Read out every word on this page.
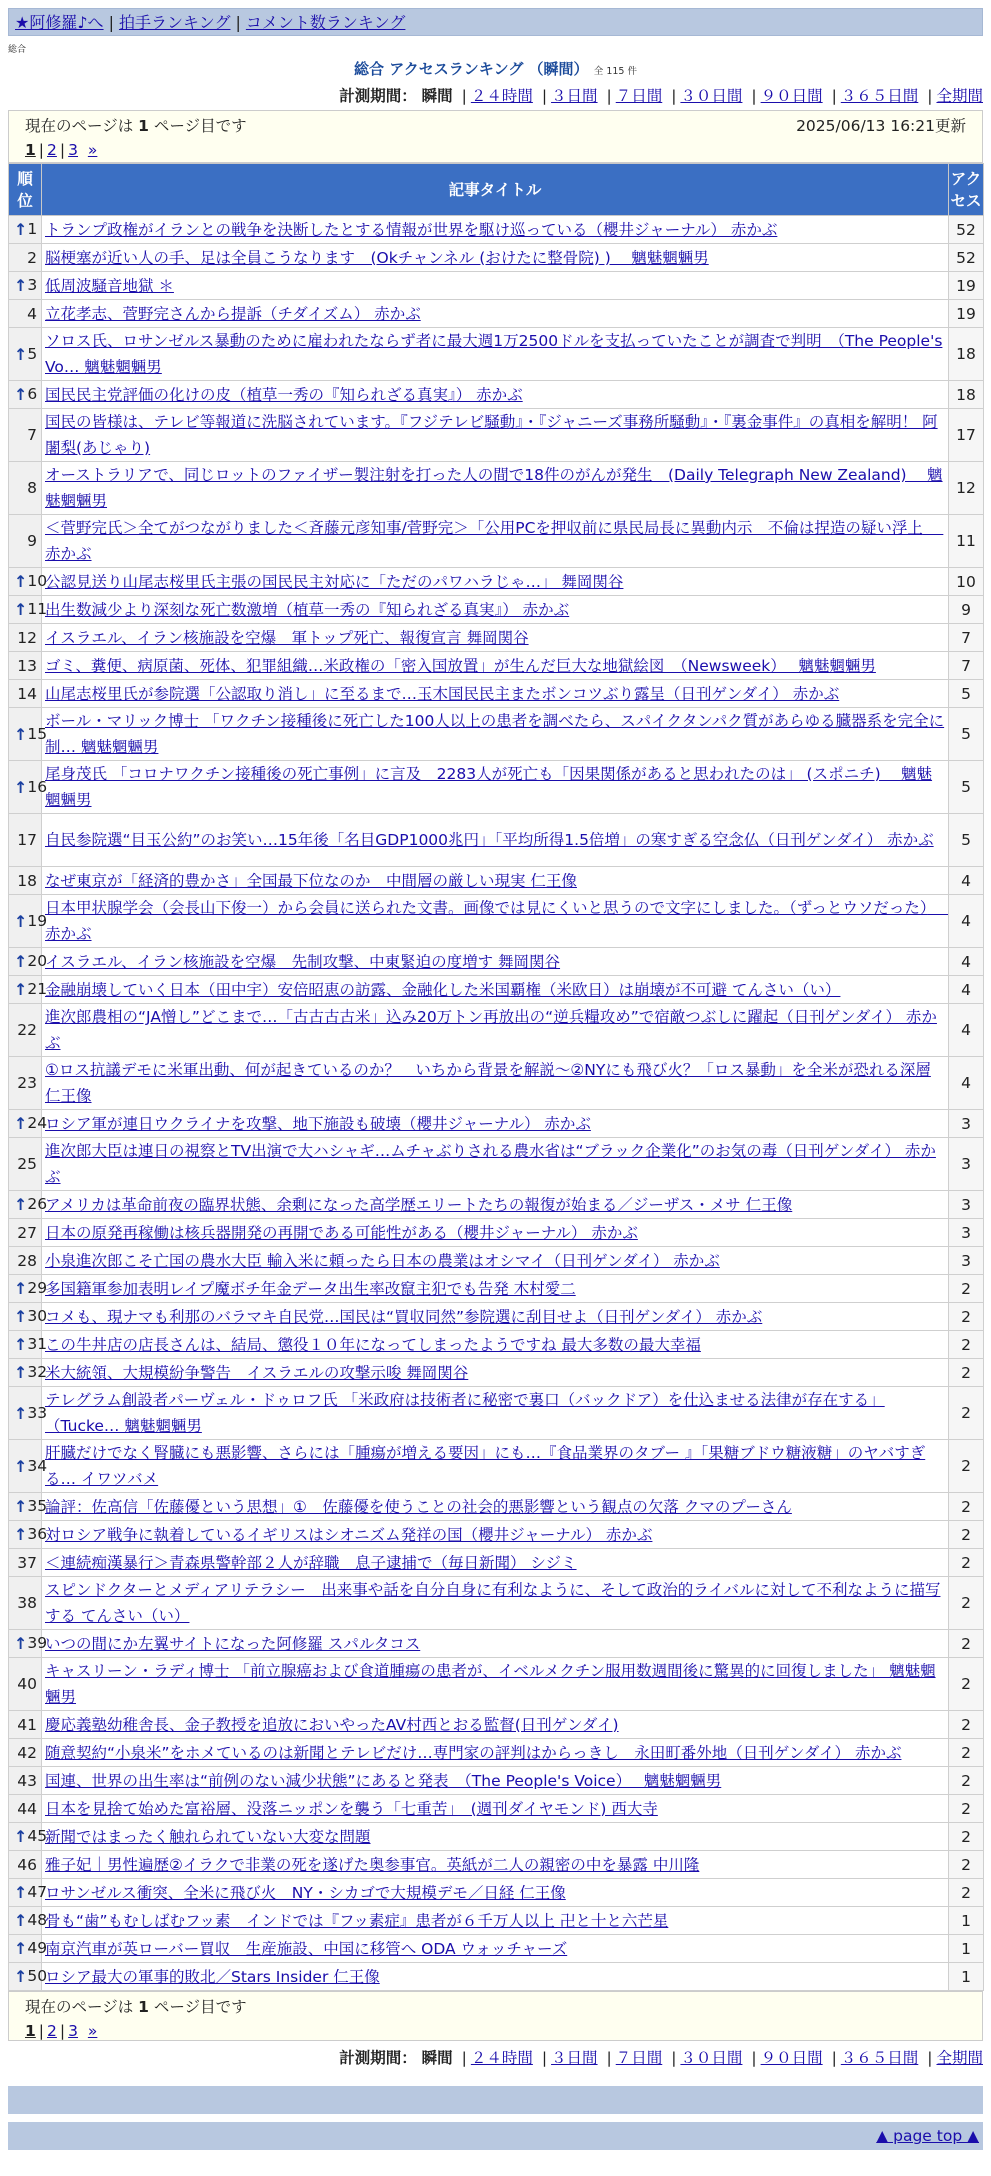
★阿修羅♪へ | 拍手ランキング | コメント数ランキング
総合
総合 アクセスランキング （瞬間） 全 115 件
計測期間： 瞬間 | ２４時間 | ３日間 | ７日間 | ３０日間 | ９０日間 | ３６５日間 | 全期間
現在のページは 1 ページ目です	2025/06/13 16:21更新
1 | 2 | 3 »
順位	記事タイトル	アクセス

↑ 1	トランプ政権がイランとの戦争を決断したとする情報が世界を駆け巡っている（櫻井ジャーナル） 赤かぶ	52
2	脳梗塞が近い人の手、足は全員こうなります　(Okチャンネル (おけたに整骨院) )　 魑魅魍魎男	52

↑ 3	低周波騒音地獄 ＊	19
4	立花孝志、菅野完さんから提訴（チダイズム） 赤かぶ	19

↑ 5	ソロス氏、ロサンゼルス暴動のために雇われたならず者に最大週1万2500ドルを支払っていたことが調査で判明　（The People's Vo… 魑魅魍魎男	18

↑ 6	国民民主党評価の化けの皮（植草一秀の『知られざる真実』） 赤かぶ	18
7	国民の皆様は、テレビ等報道に洗脳されています。『フジテレビ騒動』・『ジャニーズ事務所騒動』・『裏金事件』の真相を解明！ 阿闍梨(あじゃり)	17
8	オーストラリアで、同じロットのファイザー製注射を打った人の間で18件のがんが発生　(Daily Telegraph New Zealand)　 魑魅魍魎男	12
9	＜菅野完氏＞全てがつながりました＜斉藤元彦知事/菅野完＞「公用PCを押収前に県民局長に異動内示　不倫は捏造の疑い浮上　 赤かぶ	11

↑ 10	公認見送り山尾志桜里氏主張の国民民主対応に「ただのパワハラじゃ…」 舞岡関谷	10

↑ 11	出生数減少より深刻な死亡数激増（植草一秀の『知られざる真実』） 赤かぶ	9
12	イスラエル、イラン核施設を空爆　軍トップ死亡、報復宣言 舞岡関谷	7
13	ゴミ、糞便、病原菌、死体、犯罪組織…米政権の「密入国放置」が生んだ巨大な地獄絵図　（Newsweek）　 魑魅魍魎男	7
14	山尾志桜里氏が参院選「公認取り消し」に至るまで…玉木国民民主またボンコツぶり露呈（日刊ゲンダイ） 赤かぶ	5

↑ 15	ボール・マリック博士 「ワクチン接種後に死亡した100人以上の患者を調べたら、スパイクタンパク質があらゆる臓器系を完全に制… 魑魅魍魎男	5

↑ 16	尾身茂氏 「コロナワクチン接種後の死亡事例」に言及　2283人が死亡も「因果関係があると思われたのは」 (スポニチ)　 魑魅魍魎男	5
17	自民参院選“目玉公約”のお笑い…15年後「名目GDP1000兆円」「平均所得1.5倍増」の寒すぎる空念仏（日刊ゲンダイ） 赤かぶ	5
18	なぜ東京が「経済的豊かさ」全国最下位なのか　中間層の厳しい現実 仁王像	4

↑ 19	日本甲状腺学会（会長山下俊一）から会員に送られた文書。画像では見にくいと思うので文字にしました。（ずっとウソだった）　 赤かぶ	4

↑ 20	イスラエル、イラン核施設を空爆　先制攻撃、中東緊迫の度増す 舞岡関谷	4

↑ 21	金融崩壊していく日本（田中宇）安倍昭恵の訪露、金融化した米国覇権（米欧日）は崩壊が不可避 てんさい（い）	4
22	進次郎農相の“JA憎し”どこまで…「古古古古米」込み20万トン再放出の“逆兵糧攻め”で宿敵つぶしに躍起（日刊ゲンダイ） 赤かぶ	4
23	①ロス抗議デモに米軍出動、何が起きているのか？　いちから背景を解説～②NYにも飛び火？「ロス暴動」を全米が恐れる深層 仁王像	4

↑ 24	ロシア軍が連日ウクライナを攻撃、地下施設も破壊（櫻井ジャーナル） 赤かぶ	3
25	進次郎大臣は連日の視察とTV出演で大ハシャギ…ムチャぶりされる農水省は“ブラック企業化”のお気の毒（日刊ゲンダイ） 赤かぶ	3

↑ 26	アメリカは革命前夜の臨界状態、余剰になった高学歴エリートたちの報復が始まる／ジーザス・メサ 仁王像	3
27	日本の原発再稼働は核兵器開発の再開である可能性がある（櫻井ジャーナル） 赤かぶ	3
28	小泉進次郎こそ亡国の農水大臣 輸入米に頼ったら日本の農業はオシマイ（日刊ゲンダイ） 赤かぶ	3

↑ 29	多国籍軍参加表明レイプ魔ボチ年金データ出生率改竄主犯でも告発 木村愛二	2

↑ 30	コメも、現ナマも利那のバラマキ自民党…国民は“買収同然”参院選に刮目せよ（日刊ゲンダイ） 赤かぶ	2

↑ 31	この牛丼店の店長さんは、結局、懲役１０年になってしまったようですね 最大多数の最大幸福	2

↑ 32	米大統領、大規模紛争警告　イスラエルの攻撃示唆 舞岡関谷	2

↑ 33	テレグラム創設者パーヴェル・ドゥロフ氏 「米政府は技術者に秘密で裏口（バックドア）を仕込ませる法律が存在する」（Tucke… 魑魅魍魎男	2

↑ 34	肝臓だけでなく腎臓にも悪影響、さらには「腫瘍が増える要因」にも…『食品業界のタブー 』「果糖ブドウ糖液糖」のヤバすぎる… イワツバメ	2

↑ 35	論評：佐高信「佐藤優という思想」①　佐藤優を使うことの社会的悪影響という観点の欠落 クマのプーさん	2

↑ 36	対ロシア戦争に執着しているイギリスはシオニズム発祥の国（櫻井ジャーナル） 赤かぶ	2
37	＜連続痴漢暴行＞青森県警幹部２人が辞職　息子逮捕で（毎日新聞） シジミ	2
38	スピンドクターとメディアリテラシー　出来事や話を自分自身に有利なように、そして政治的ライバルに対して不利なように描写する てんさい（い）	2

↑ 39	いつの間にか左翼サイトになった阿修羅 スパルタコス	2
40	キャスリーン・ラディ博士 「前立腺癌および食道腫瘍の患者が、イベルメクチン服用数週間後に驚異的に回復しました」 魑魅魍魎男	2
41	慶応義塾幼稚舎長、金子教授を追放においやったAV村西とおる監督(日刊ゲンダイ)	2
42	随意契約“小泉米”をホメているのは新聞とテレビだけ…専門家の評判はからっきし　永田町番外地（日刊ゲンダイ） 赤かぶ	2
43	国連、世界の出生率は“前例のない減少状態”にあると発表　（The People's Voice）　 魑魅魍魎男	2
44	日本を見捨て始めた富裕層、没落ニッポンを襲う「七重苦」　(週刊ダイヤモンド) 西大寺	2

↑ 45	新聞ではまったく触れられていない大変な問題	2
46	雅子妃｜男性遍歴②イラクで非業の死を遂げた奥参事官。英紙が二人の親密の中を暴露 中川隆	2

↑ 47	ロサンゼルス衝突、全米に飛び火　NY・シカゴで大規模デモ／日経 仁王像	2

↑ 48	骨も“歯”もむしばむフッ素　インドでは『フッ素症』患者が６千万人以上 卍と十と六芒星	1

↑ 49	南京汽車が英ローバー買収　生産施設、中国に移管へ ODA ウォッチャーズ	1

↑ 50	ロシア最大の軍事的敗北／Stars Insider 仁王像	1
現在のページは 1 ページ目です
1 | 2 | 3 »
計測期間： 瞬間 | ２４時間 | ３日間 | ７日間 | ３０日間 | ９０日間 | ３６５日間 | 全期間
▲ page top ▲
